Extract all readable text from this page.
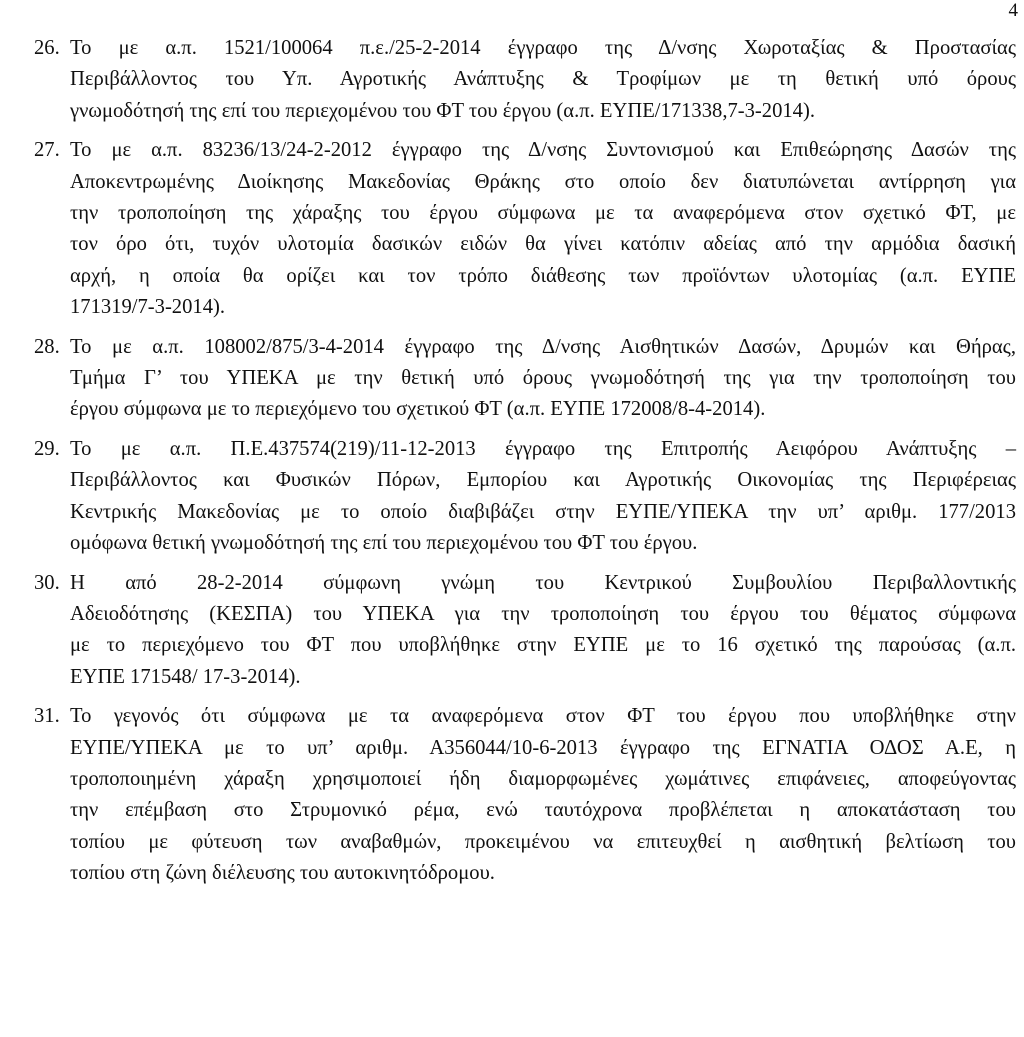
4
26. Το με α.π. 1521/100064 π.ε./25-2-2014 έγγραφο της Δ/νσης Χωροταξίας & Προστασίας
Περιβάλλοντος του Υπ. Αγροτικής Ανάπτυξης & Τροφίμων με τη θετική υπό όρους
γνωμοδότησή της επί του περιεχομένου του ΦΤ του έργου (α.π. ΕΥΠΕ/171338,7-3-2014).
27. Το με α.π. 83236/13/24-2-2012 έγγραφο της Δ/νσης Συντονισμού και Επιθεώρησης Δασών της
Αποκεντρωμένης Διοίκησης Μακεδονίας Θράκης στο οποίο δεν διατυπώνεται αντίρρηση για
την τροποποίηση της χάραξης του έργου σύμφωνα με τα αναφερόμενα στον σχετικό ΦΤ, με
τον όρο ότι, τυχόν υλοτομία δασικών ειδών θα γίνει κατόπιν αδείας από την αρμόδια δασική
αρχή, η οποία θα ορίζει και τον τρόπο διάθεσης των προϊόντων υλοτομίας (α.π. ΕΥΠΕ
171319/7-3-2014).
28. Το με α.π. 108002/875/3-4-2014 έγγραφο της Δ/νσης Αισθητικών Δασών, Δρυμών και Θήρας,
Τμήμα Γ’ του ΥΠΕΚΑ με την θετική υπό όρους γνωμοδότησή της για την τροποποίηση του
έργου σύμφωνα με το περιεχόμενο του σχετικού ΦΤ (α.π. ΕΥΠΕ 172008/8-4-2014).
29. Το με α.π. Π.Ε.437574(219)/11-12-2013 έγγραφο της Επιτροπής Αειφόρου Ανάπτυξης –
Περιβάλλοντος και Φυσικών Πόρων, Εμπορίου και Αγροτικής Οικονομίας της Περιφέρειας
Κεντρικής Μακεδονίας με το οποίο διαβιβάζει στην ΕΥΠΕ/ΥΠΕΚΑ την υπ’ αριθμ. 177/2013
ομόφωνα θετική γνωμοδότησή της επί του περιεχομένου του ΦΤ του έργου.
30. Η από 28-2-2014 σύμφωνη γνώμη του Κεντρικού Συμβουλίου Περιβαλλοντικής
Αδειοδότησης (ΚΕΣΠΑ) του ΥΠΕΚΑ για την τροποποίηση του έργου του θέματος σύμφωνα
με το περιεχόμενο του ΦΤ που υποβλήθηκε στην ΕΥΠΕ με το 16 σχετικό της παρούσας (α.π.
ΕΥΠΕ 171548/ 17-3-2014).
31. Το γεγονός ότι σύμφωνα με τα αναφερόμενα στον ΦΤ του έργου που υποβλήθηκε στην
ΕΥΠΕ/ΥΠΕΚΑ με το υπ’ αριθμ. Α356044/10-6-2013 έγγραφο της ΕΓΝΑΤΙΑ ΟΔΟΣ Α.Ε, η
τροποποιημένη χάραξη χρησιμοποιεί ήδη διαμορφωμένες χωμάτινες επιφάνειες, αποφεύγοντας
την επέμβαση στο Στρυμονικό ρέμα, ενώ ταυτόχρονα προβλέπεται η αποκατάσταση του
τοπίου με φύτευση των αναβαθμών, προκειμένου να επιτευχθεί η αισθητική βελτίωση του
τοπίου στη ζώνη διέλευσης του αυτοκινητόδρομου.
